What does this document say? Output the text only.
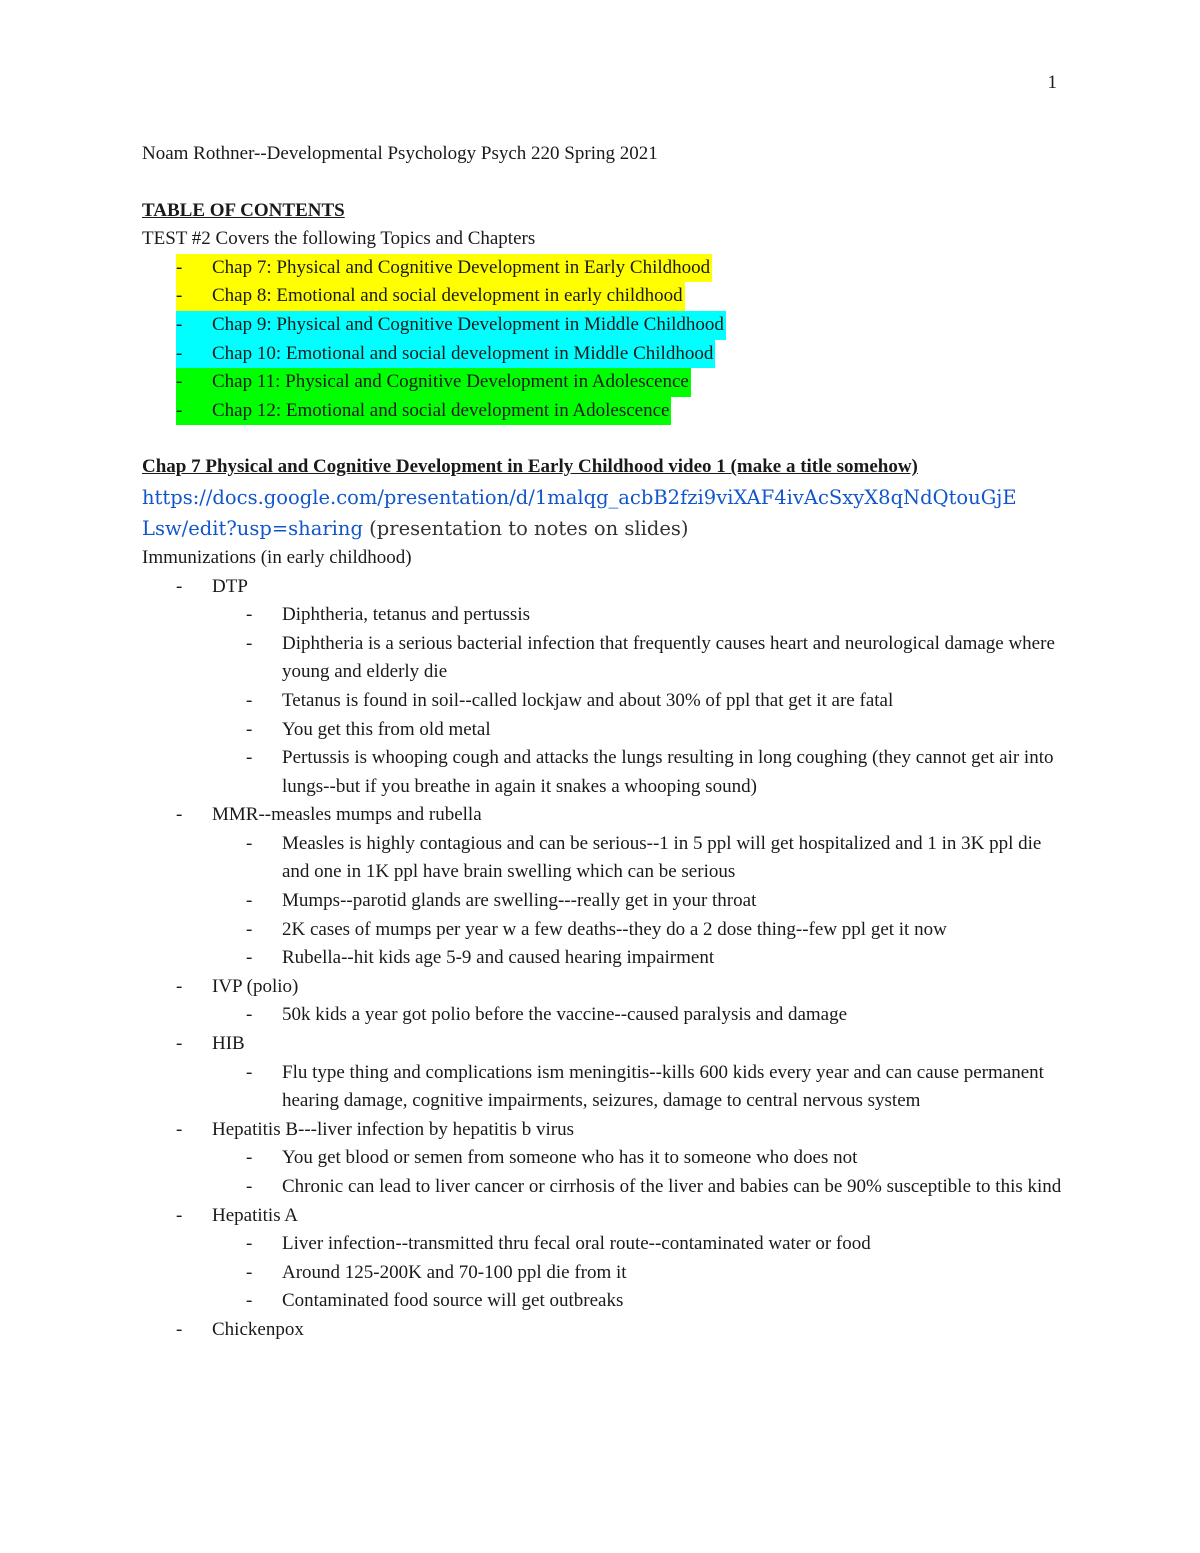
1
Noam Rothner--Developmental Psychology Psych 220 Spring 2021
TABLE OF CONTENTS
TEST #2 Covers the following Topics and Chapters
- Chap 7: Physical and Cognitive Development in Early Childhood
- Chap 8: Emotional and social development in early childhood
- Chap 9: Physical and Cognitive Development in Middle Childhood
- Chap 10: Emotional and social development in Middle Childhood
- Chap 11: Physical and Cognitive Development in Adolescence
- Chap 12: Emotional and social development in Adolescence
Chap 7 Physical and Cognitive Development in Early Childhood video 1 (make a title somehow)
https://docs.google.com/presentation/d/1malqg_acbB2fzi9viXAF4ivAcSxyX8qNdQtouGjE
Lsw/edit?usp=sharing (presentation to notes on slides)
Immunizations (in early childhood)
- DTP
- Diphtheria, tetanus and pertussis
- Diphtheria is a serious bacterial infection that frequently causes heart and neurological damage where young and elderly die
- Tetanus is found in soil--called lockjaw and about 30% of ppl that get it are fatal
- You get this from old metal
- Pertussis is whooping cough and attacks the lungs resulting in long coughing (they cannot get air into lungs--but if you breathe in again it snakes a whooping sound)
- MMR--measles mumps and rubella
- Measles is highly contagious and can be serious--1 in 5 ppl will get hospitalized and 1 in 3K ppl die and one in 1K ppl have brain swelling which can be serious
- Mumps--parotid glands are swelling---really get in your throat
- 2K cases of mumps per year w a few deaths--they do a 2 dose thing--few ppl get it now
- Rubella--hit kids age 5-9 and caused hearing impairment
- IVP (polio)
- 50k kids a year got polio before the vaccine--caused paralysis and damage
- HIB
- Flu type thing and complications ism meningitis--kills 600 kids every year and can cause permanent hearing damage, cognitive impairments, seizures, damage to central nervous system
- Hepatitis B---liver infection by hepatitis b virus
- You get blood or semen from someone who has it to someone who does not
- Chronic can lead to liver cancer or cirrhosis of the liver and babies can be 90% susceptible to this kind
- Hepatitis A
- Liver infection--transmitted thru fecal oral route--contaminated water or food
- Around 125-200K and 70-100 ppl die from it
- Contaminated food source will get outbreaks
- Chickenpox
